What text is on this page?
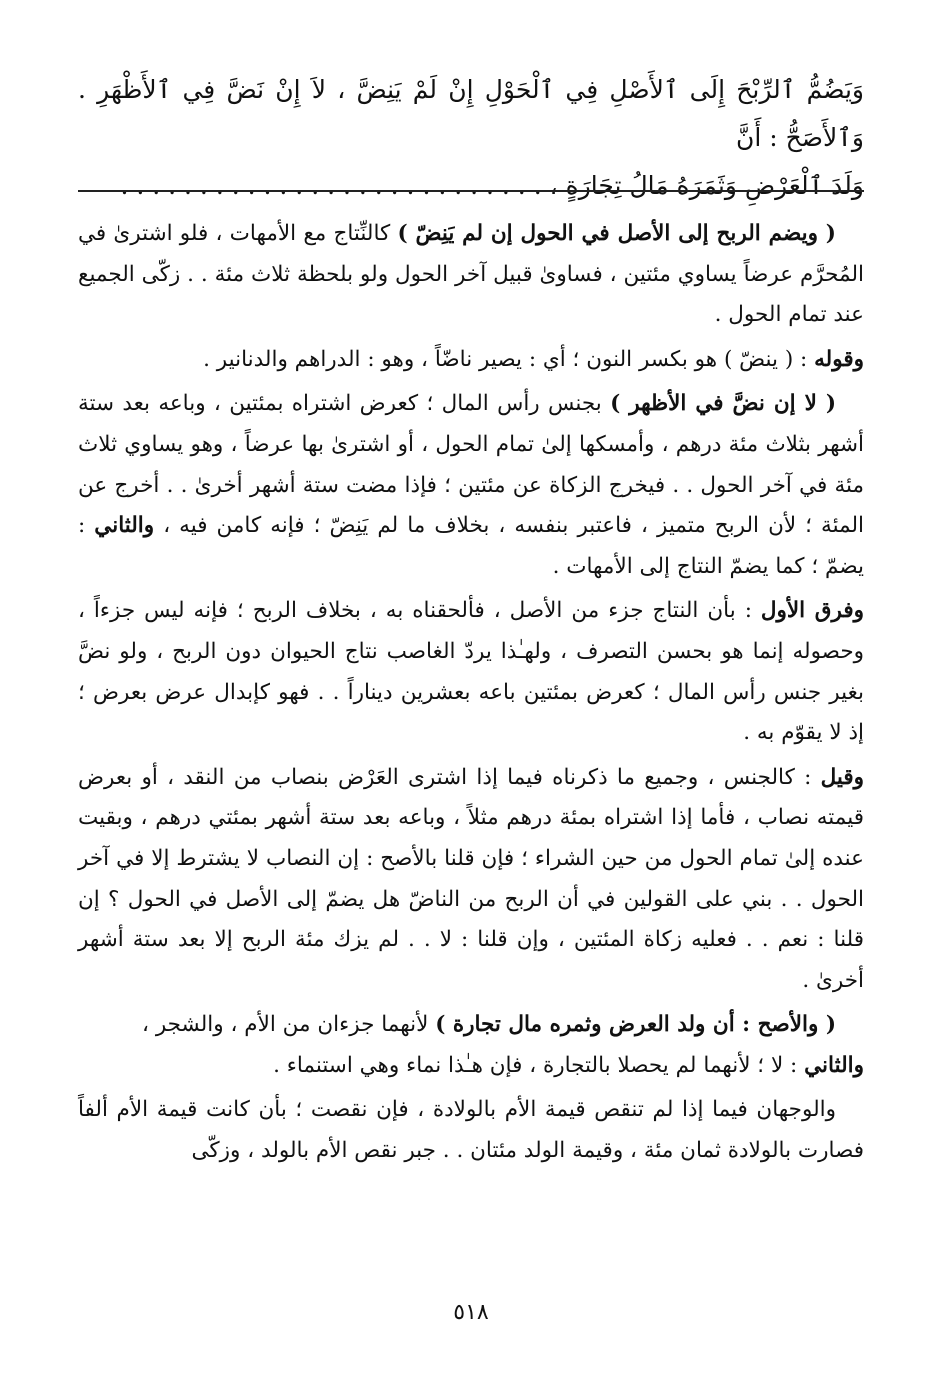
وَيَضُمُّ ٱلرِّبْحَ إِلَى ٱلأَصْلِ فِي ٱلْحَوْلِ إِنْ لَمْ يَنِضَّ ، لاَ إِنْ نَضَّ فِي ٱلأَظْهَرِ . وَٱلأَصَحُّ : أَنَّ

وَلَدَ ٱلْعَرْضِ وَثَمَرَهُ مَالُ تِجَارَةٍ ، . . . . . . . . . . . . . . . . . . . . . . . . . . .

( ويضم الربح إلى الأصل في الحول إن لم يَنِضّ ) كالنِّتاج مع الأمهات ، فلو اشترىٰ في المُحرَّم عرضاً يساوي مئتين ، فساوىٰ قبيل آخر الحول ولو بلحظة ثلاث مئة . . زكّى الجميع عند تمام الحول .

وقوله : ( ينضّ ) هو بكسر النون ؛ أي : يصير ناضّاً ، وهو : الدراهم والدنانير .

( لا إن نضَّ في الأظهر ) بجنس رأس المال ؛ كعرض اشتراه بمئتين ، وباعه بعد ستة أشهر بثلاث مئة درهم ، وأمسكها إلىٰ تمام الحول ، أو اشترىٰ بها عرضاً ، وهو يساوي ثلاث مئة في آخر الحول . . فيخرج الزكاة عن مئتين ؛ فإذا مضت ستة أشهر أخرىٰ . . أخرج عن المئة ؛ لأن الربح متميز ، فاعتبر بنفسه ، بخلاف ما لم يَنِضّ ؛ فإنه كامن فيه ، والثاني : يضمّ ؛ كما يضمّ النتاج إلى الأمهات .

وفرق الأول : بأن النتاج جزء من الأصل ، فألحقناه به ، بخلاف الربح ؛ فإنه ليس جزءاً ، وحصوله إنما هو بحسن التصرف ، ولهـٰذا يردّ الغاصب نتاج الحيوان دون الربح ، ولو نضَّ بغير جنس رأس المال ؛ كعرض بمئتين باعه بعشرين ديناراً . . فهو كإبدال عرض بعرض ؛ إذ لا يقوّم به .

وقيل : كالجنس ، وجميع ما ذكرناه فيما إذا اشترى العَرْض بنصاب من النقد ، أو بعرض قيمته نصاب ، فأما إذا اشتراه بمئة درهم مثلاً ، وباعه بعد ستة أشهر بمئتي درهم ، وبقيت عنده إلىٰ تمام الحول من حين الشراء ؛ فإن قلنا بالأصح : إن النصاب لا يشترط إلا في آخر الحول . . بني على القولين في أن الربح من الناضّ هل يضمّ إلى الأصل في الحول ؟ إن قلنا : نعم . . فعليه زكاة المئتين ، وإن قلنا : لا . . لم يزك مئة الربح إلا بعد ستة أشهر أخرىٰ .

( والأصح : أن ولد العرض وثمره مال تجارة ) لأنهما جزءان من الأم ، والشجر ،
والثاني : لا ؛ لأنهما لم يحصلا بالتجارة ، فإن هـٰذا نماء وهي استنماء .

والوجهان فيما إذا لم تنقص قيمة الأم بالولادة ، فإن نقصت ؛ بأن كانت قيمة الأم ألفاً فصارت بالولادة ثمان مئة ، وقيمة الولد مئتان . . جبر نقص الأم بالولد ، وزكّى

٥١٨
